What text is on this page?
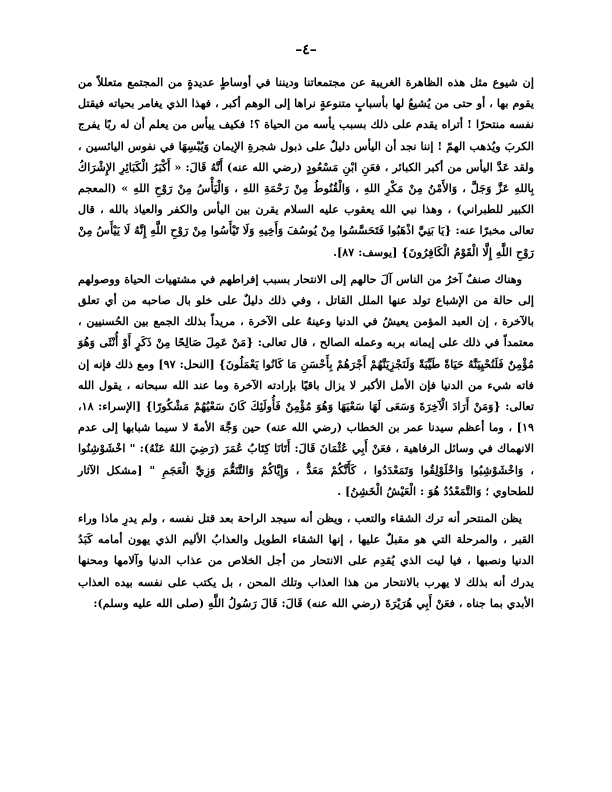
–٤–

إن شيوع مثل هذه الظاهرة الغريبة عن مجتمعاتنا وديننا في أوساطٍ عديدةٍ من المجتمع متعللاً من يقوم بها ، أو حتى من يُشيعُ لها بأسبابٍ متنوعةٍ نراها إلى الوهم أكبر ، فهذا الذي يغامر بحياته فيقتل نفسه منتحرًا ! أتراه يقدم على ذلك بسبب يأسه من الحياة ؟! فكيف ييأس من يعلم أن له ربًا يفرج الكربَ ويُذهب الهمّ ! إننا نجد أن اليأس دليلٌ على ذبول شجرةِ الإيمان وَيُبْسِهَا في نفوس اليائسين ، ولقد عَدَّ اليأس من أكبر الكبائر ، فعَنِ ابْنِ مَسْعُودٍ (رضي الله عنه) أَنَّهُ قَالَ: « أَكْبَرُ الْكَبَائِرِ الإِشْرَاكُ بِاللهِ عَزَّ وَجَلَّ ، وَالأَمْنُ مِنْ مَكْرِ اللهِ ، وَالْقُنُوطُ مِنْ رَحْمَةِ اللهِ ، وَالْيَأْسُ مِنْ رَوْحِ اللهِ » (المعجم الكبير للطبراني) ، وهذا نبي الله يعقوب عليه السلام يقرن بين اليأس والكفر والعياذ بالله ، قال تعالى مخبرًا عنه: {يَا بَنِيَّ اذْهَبُوا فَتَحَسَّسُوا مِنْ يُوسُفَ وَأَخِيهِ وَلَا تَيْأَسُوا مِنْ رَوْحِ اللَّهِ إِنَّهُ لَا يَيْأَسُ مِنْ رَوْحِ اللَّهِ إِلَّا الْقَوْمُ الْكَافِرُونَ} [يوسف: ٨٧].

وهناك صنفٌ آخرُ من الناس آلَ حالهم إلى الانتحار بسبب إفراطهم في مشتهيات الحياة ووصولهم إلى حالة من الإشباع تولد عنها الملل القاتل ، وفي ذلك دليلٌ على خلو بال صاحبه من أي تعلق بالآخرة ، إن العبد المؤمن يعيشُ في الدنيا وعينهُ على الآخرة ، مريداً بذلك الجمع بين الحُسنيين ، معتمداً في ذلك على إيمانه بربه وعمله الصالح ، قال تعالى: {مَنْ عَمِلَ صَالِحًا مِنْ ذَكَرٍ أَوْ أُنْثَى وَهُوَ مُؤْمِنٌ فَلَنُحْيِيَنَّهُ حَيَاةً طَيِّبَةً وَلَنَجْزِيَنَّهُمْ أَجْرَهُمْ بِأَحْسَنِ مَا كَانُوا يَعْمَلُونَ} [النحل: ٩٧] ومع ذلك فإنه إن فاته شيء من الدنيا فإن الأمل الأكبر لا يزال باقيًا بإرادته الآخرة وما عند الله سبحانه ، يقول الله تعالى: {وَمَنْ أَرَادَ الْآخِرَةَ وَسَعَى لَهَا سَعْيَهَا وَهُوَ مُؤْمِنٌ فَأُولَئِكَ كَانَ سَعْيُهُمْ مَشْكُورًا} [الإسراء: ١٨، ١٩] ، وما أعظم سيدنا عمر بن الخطاب (رضي الله عنه) حين وَجَّهَ الأمةَ لا سيما شبابها إلى عدم الانهماك في وسائل الرفاهية ، فعَنْ أَبِي عُثْمَانَ قَالَ: أَتَانَا كِتَابُ عُمَرَ (رَضِيَ اللهُ عَنْهُ): " اخْشَوْشِنُوا ، وَاخْشَوْشِبُوا وَاخْلَوْلِقُوا وَتَمَعْدَدُوا ، كَأَنَّكُمْ مَعَدٌّ ، وَإِيَّاكُمْ وَالتَّنَعُّمَ وَزِيَّ الْعَجَمِ " [مشكل الآثار للطحاوي ؛ وَالتَّمَعْدُدُ هُوَ : الْعَيْشُ الْخَشِنُ] .

يظن المنتحر أنه ترك الشقاء والتعب ، ويظن أنه سيجد الراحة بعد قتل نفسه ، ولم يدرِ ماذا وراء القبر ، والمرحلة التي هو مقبلٌ عليها ، إنها الشقاء الطويل والعذابُ الأليم الذي يهون أمامه كَبَدُ الدنيا ونصبها ، فيا ليت الذي يُقدِم على الانتحار من أجل الخلاص من عذاب الدنيا وآلامها ومحنها يدرك أنه بذلك لا يهرب بالانتحار من هذا العذاب وتلك المحن ، بل يكتب على نفسه بيده العذاب الأبدي بما جناه ، فعَنْ أَبِي هُرَيْرَةَ (رضي الله عنه) قَالَ: قَالَ رَسُولُ اللَّهِ (صلى الله عليه وسلم):
